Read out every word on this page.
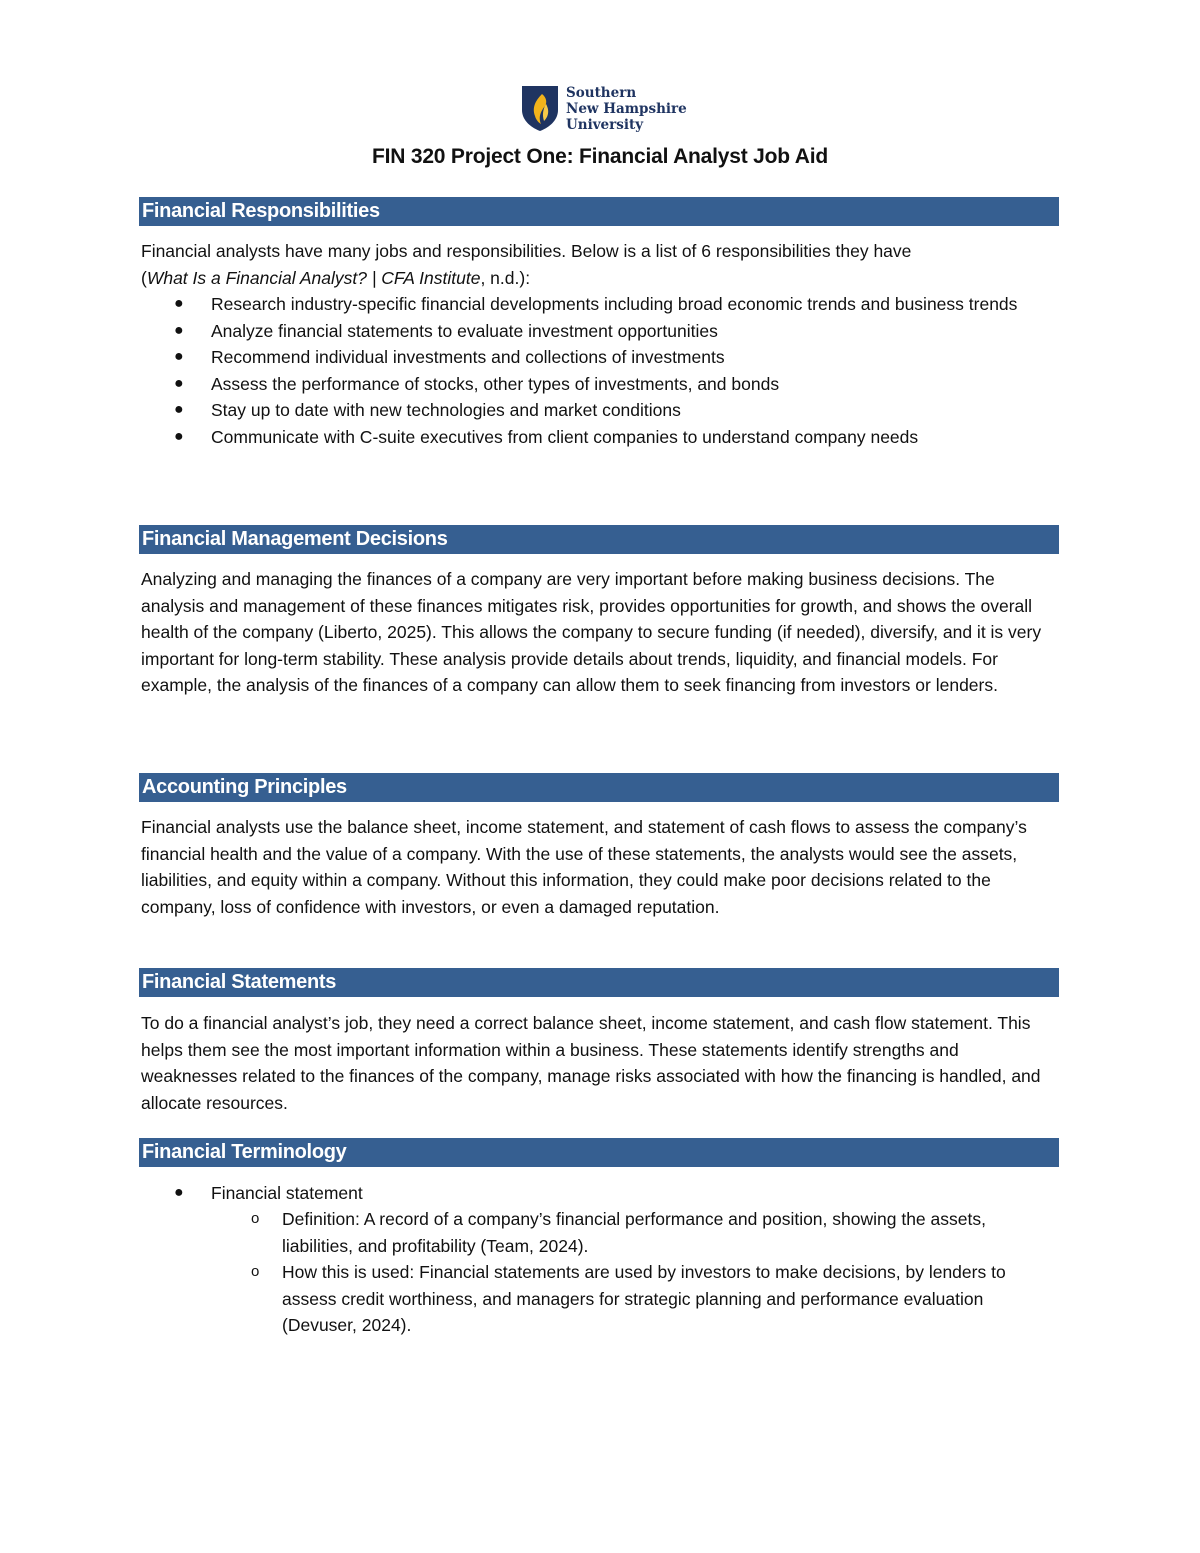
Southern
New Hampshire
University
FIN 320 Project One: Financial Analyst Job Aid
Financial Responsibilities
Financial analysts have many jobs and responsibilities. Below is a list of 6 responsibilities they have
(What Is a Financial Analyst? | CFA Institute, n.d.):
● Research industry-specific financial developments including broad economic trends and business trends
● Analyze financial statements to evaluate investment opportunities
● Recommend individual investments and collections of investments
● Assess the performance of stocks, other types of investments, and bonds
● Stay up to date with new technologies and market conditions
● Communicate with C-suite executives from client companies to understand company needs
Financial Management Decisions
Analyzing and managing the finances of a company are very important before making business decisions. The analysis and management of these finances mitigates risk, provides opportunities for growth, and shows the overall health of the company (Liberto, 2025). This allows the company to secure funding (if needed), diversify, and it is very important for long-term stability. These analysis provide details about trends, liquidity, and financial models. For example, the analysis of the finances of a company can allow them to seek financing from investors or lenders.
Accounting Principles
Financial analysts use the balance sheet, income statement, and statement of cash flows to assess the company’s financial health and the value of a company. With the use of these statements, the analysts would see the assets, liabilities, and equity within a company. Without this information, they could make poor decisions related to the company, loss of confidence with investors, or even a damaged reputation.
Financial Statements
To do a financial analyst’s job, they need a correct balance sheet, income statement, and cash flow statement. This helps them see the most important information within a business. These statements identify strengths and weaknesses related to the finances of the company, manage risks associated with how the financing is handled, and allocate resources.
Financial Terminology
● Financial statement
o Definition: A record of a company’s financial performance and position, showing the assets, liabilities, and profitability (Team, 2024).
o How this is used: Financial statements are used by investors to make decisions, by lenders to assess credit worthiness, and managers for strategic planning and performance evaluation (Devuser, 2024).
